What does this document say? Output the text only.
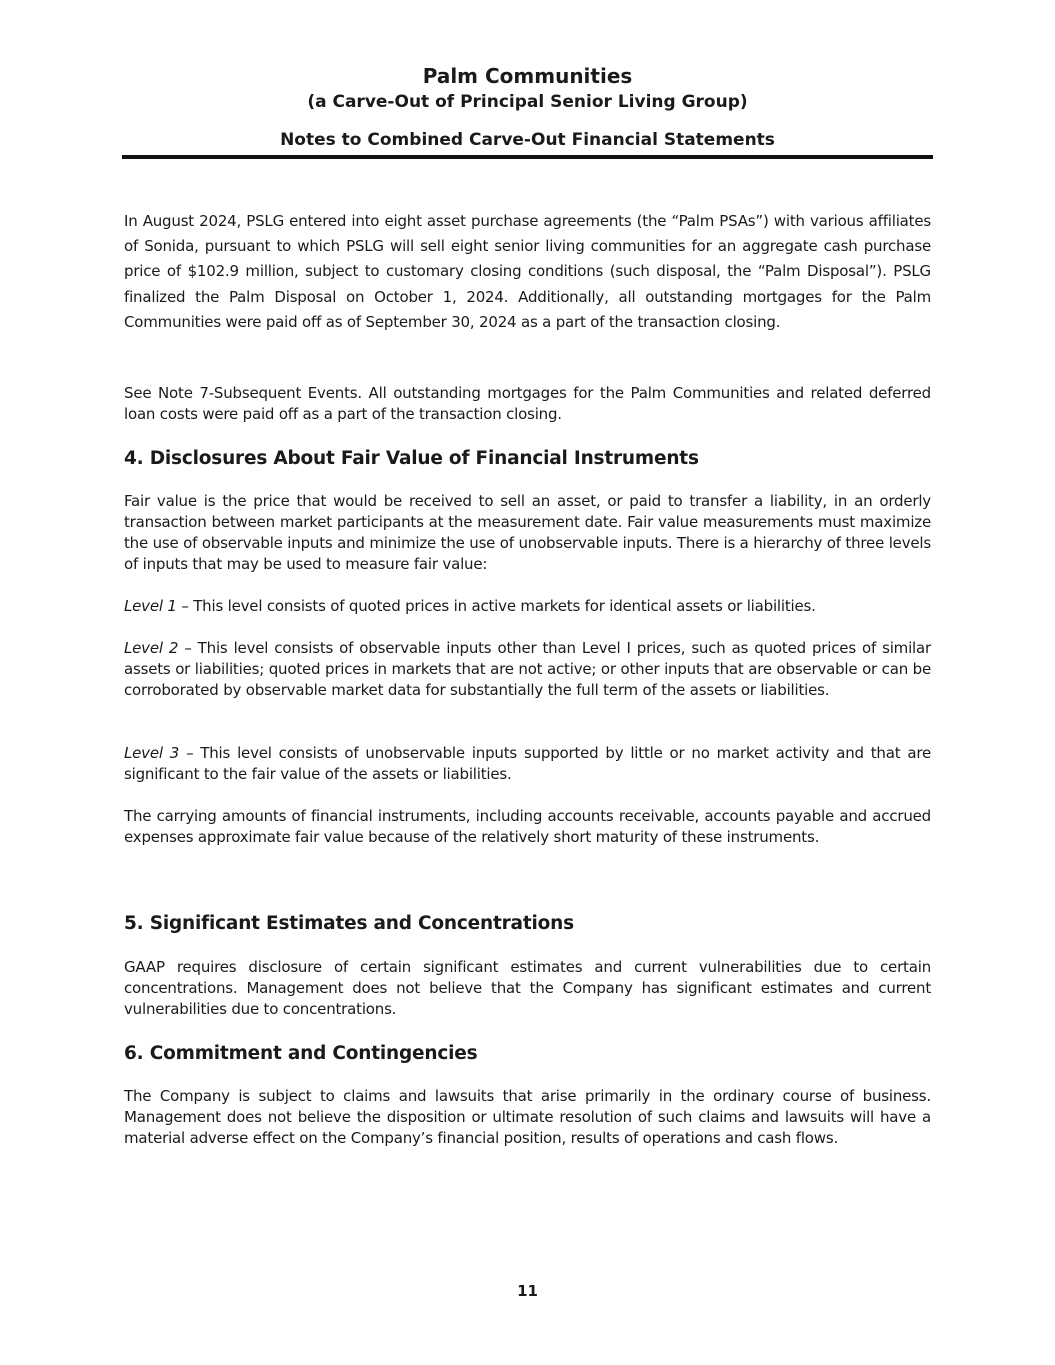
Palm Communities
(a Carve-Out of Principal Senior Living Group)
Notes to Combined Carve-Out Financial Statements

In August 2024, PSLG entered into eight asset purchase agreements (the “Palm PSAs”) with various affiliates of Sonida, pursuant to which PSLG will sell eight senior living communities for an aggregate cash purchase price of $102.9 million, subject to customary closing conditions (such disposal, the “Palm Disposal”). PSLG finalized the Palm Disposal on October 1, 2024. Additionally, all outstanding mortgages for the Palm Communities were paid off as of September 30, 2024 as a part of the transaction closing.

See Note 7-Subsequent Events. All outstanding mortgages for the Palm Communities and related deferred loan costs were paid off as a part of the transaction closing.

4. Disclosures About Fair Value of Financial Instruments

Fair value is the price that would be received to sell an asset, or paid to transfer a liability, in an orderly transaction between market participants at the measurement date. Fair value measurements must maximize the use of observable inputs and minimize the use of unobservable inputs. There is a hierarchy of three levels of inputs that may be used to measure fair value:

Level 1 – This level consists of quoted prices in active markets for identical assets or liabilities.

Level 2 – This level consists of observable inputs other than Level I prices, such as quoted prices of similar assets or liabilities; quoted prices in markets that are not active; or other inputs that are observable or can be corroborated by observable market data for substantially the full term of the assets or liabilities.

Level 3 – This level consists of unobservable inputs supported by little or no market activity and that are significant to the fair value of the assets or liabilities.

The carrying amounts of financial instruments, including accounts receivable, accounts payable and accrued expenses approximate fair value because of the relatively short maturity of these instruments.

5. Significant Estimates and Concentrations

GAAP requires disclosure of certain significant estimates and current vulnerabilities due to certain concentrations. Management does not believe that the Company has significant estimates and current vulnerabilities due to concentrations.

6. Commitment and Contingencies

The Company is subject to claims and lawsuits that arise primarily in the ordinary course of business. Management does not believe the disposition or ultimate resolution of such claims and lawsuits will have a material adverse effect on the Company’s financial position, results of operations and cash flows.

11
